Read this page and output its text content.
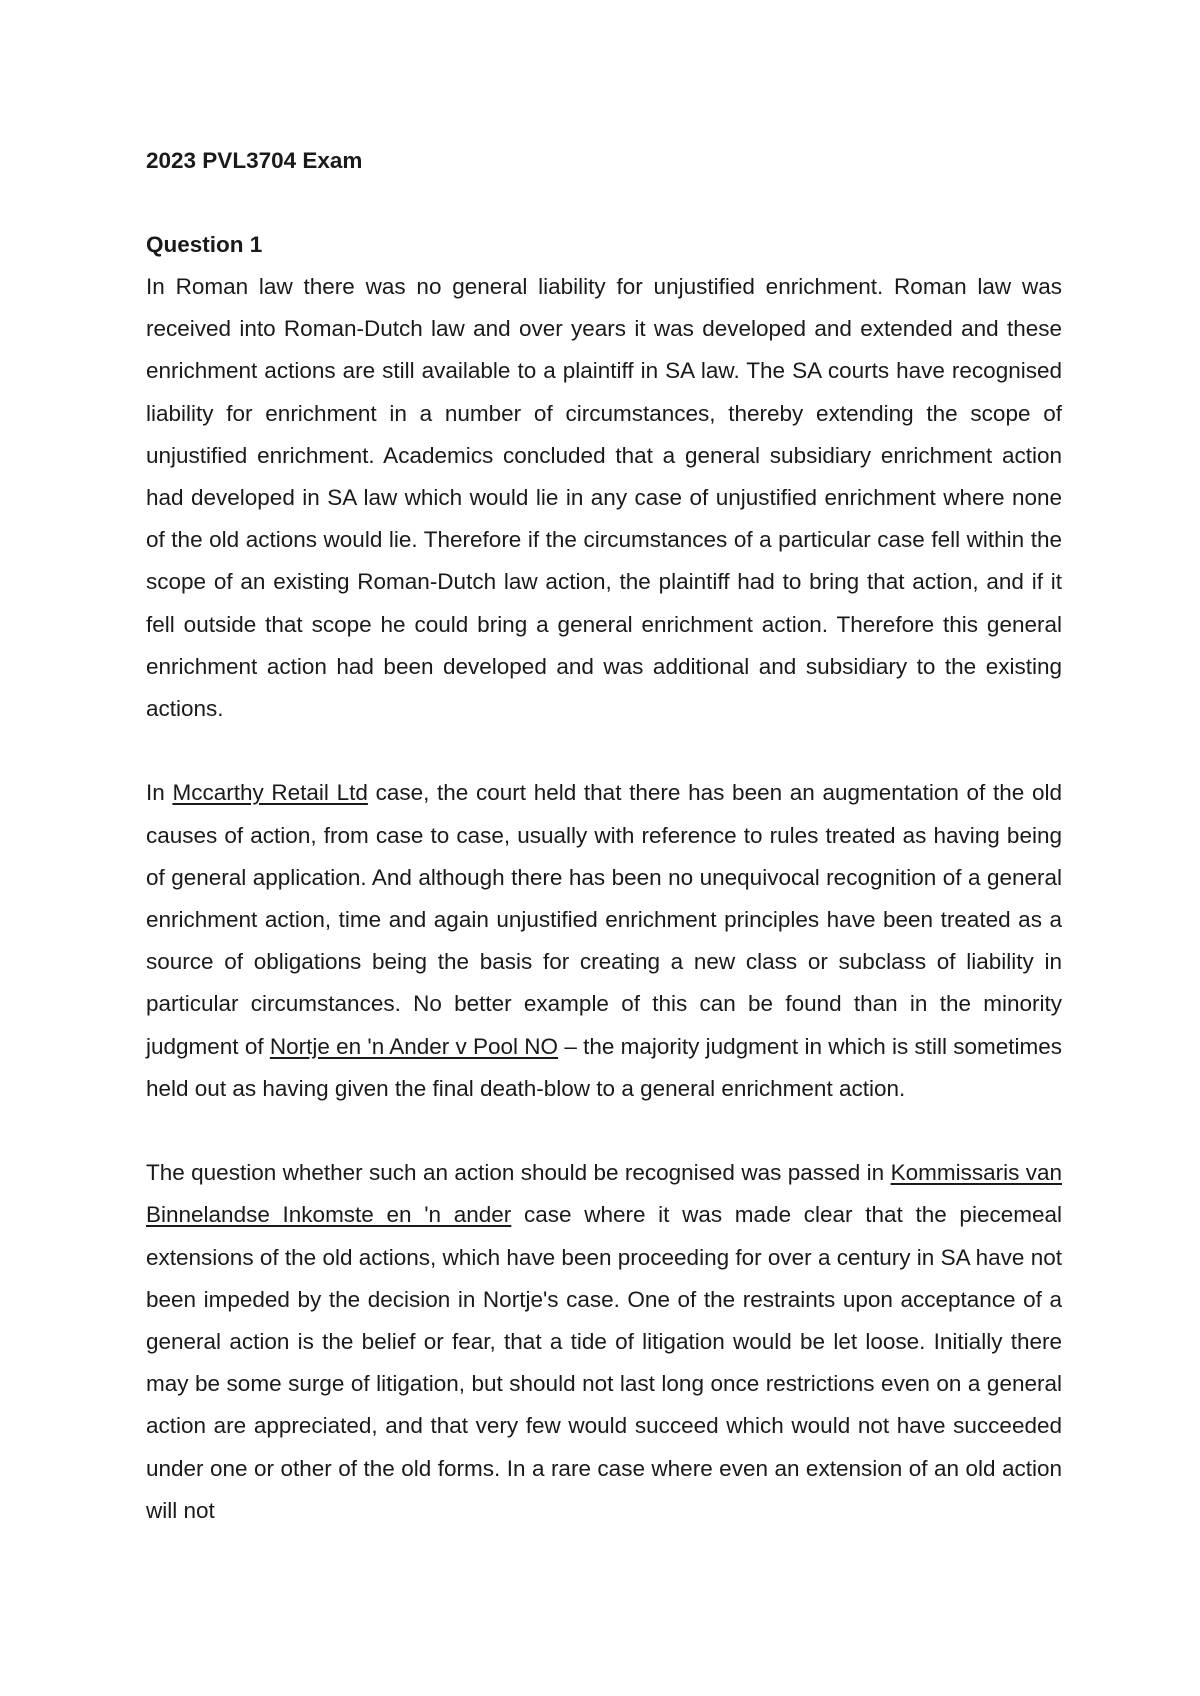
2023 PVL3704 Exam

Question 1

In Roman law there was no general liability for unjustified enrichment. Roman law was received into Roman-Dutch law and over years it was developed and extended and these enrichment actions are still available to a plaintiff in SA law. The SA courts have recognised liability for enrichment in a number of circumstances, thereby extending the scope of unjustified enrichment. Academics concluded that a general subsidiary enrichment action had developed in SA law which would lie in any case of unjustified enrichment where none of the old actions would lie. Therefore if the circumstances of a particular case fell within the scope of an existing Roman-Dutch law action, the plaintiff had to bring that action, and if it fell outside that scope he could bring a general enrichment action. Therefore this general enrichment action had been developed and was additional and subsidiary to the existing actions.

In Mccarthy Retail Ltd case, the court held that there has been an augmentation of the old causes of action, from case to case, usually with reference to rules treated as having being of general application. And although there has been no unequivocal recognition of a general enrichment action, time and again unjustified enrichment principles have been treated as a source of obligations being the basis for creating a new class or subclass of liability in particular circumstances. No better example of this can be found than in the minority judgment of Nortje en 'n Ander v Pool NO – the majority judgment in which is still sometimes held out as having given the final death-blow to a general enrichment action.

The question whether such an action should be recognised was passed in Kommissaris van Binnelandse Inkomste en 'n ander case where it was made clear that the piecemeal extensions of the old actions, which have been proceeding for over a century in SA have not been impeded by the decision in Nortje's case. One of the restraints upon acceptance of a general action is the belief or fear, that a tide of litigation would be let loose. Initially there may be some surge of litigation, but should not last long once restrictions even on a general action are appreciated, and that very few would succeed which would not have succeeded under one or other of the old forms. In a rare case where even an extension of an old action will not
